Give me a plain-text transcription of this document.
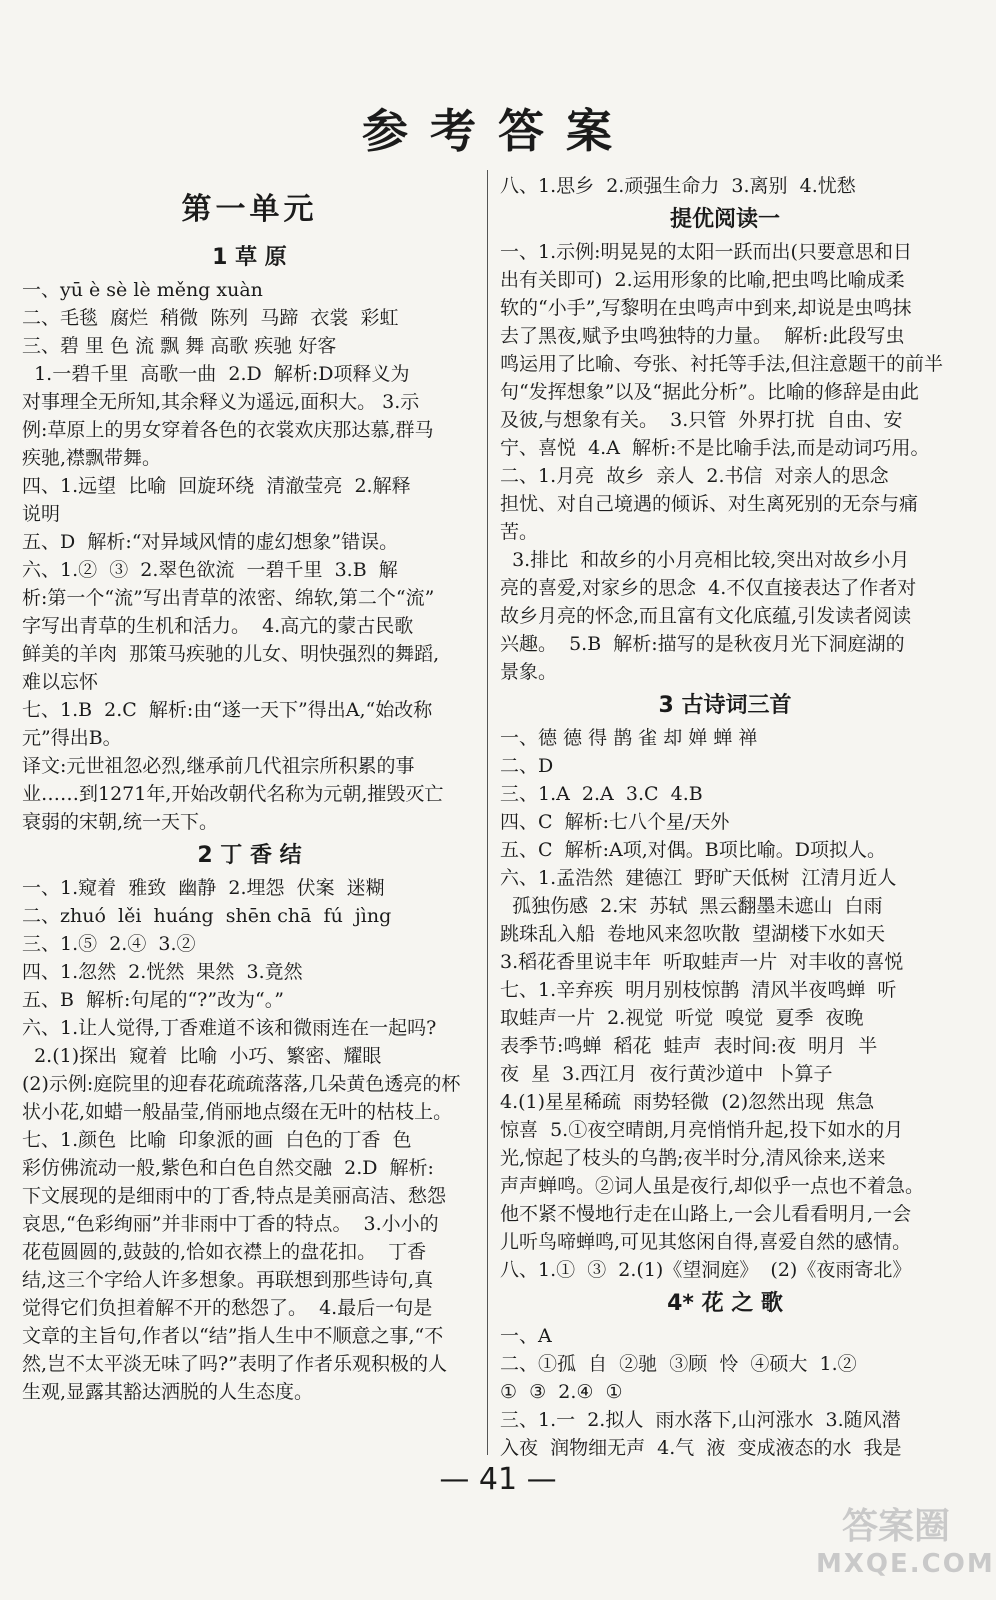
参考答案
第一单元
1 草 原

一、yū è sè lè měng xuàn

二、毛毯  腐烂  稍微  陈列  马蹄  衣裳  彩虹

三、碧 里 色 流 飘 舞 高歌 疾驰 好客

1.一碧千里  高歌一曲  2.D  解析:D项释义为

对事理全无所知,其余释义为遥远,面积大。 3.示

例:草原上的男女穿着各色的衣裳欢庆那达慕,群马

疾驰,襟飘带舞。

四、1.远望  比喻  回旋环绕  清澈莹亮  2.解释

说明

五、D  解析:“对异域风情的虚幻想象”错误。

六、1.②  ③  2.翠色欲流  一碧千里  3.B  解

析:第一个“流”写出青草的浓密、绵软,第二个“流”

字写出青草的生机和活力。  4.高亢的蒙古民歌

鲜美的羊肉  那策马疾驰的儿女、明快强烈的舞蹈,

难以忘怀

七、1.B  2.C  解析:由“遂一天下”得出A,“始改称

元”得出B。

译文:元世祖忽必烈,继承前几代祖宗所积累的事

业……到1271年,开始改朝代名称为元朝,摧毁灭亡

衰弱的宋朝,统一天下。

2 丁 香 结

一、1.窥着  雅致  幽静  2.埋怨  伏案  迷糊

二、zhuó  lěi  huáng  shēn chā  fú  jìng

三、1.⑤  2.④  3.②

四、1.忽然  2.恍然  果然  3.竟然

五、B  解析:句尾的“?”改为“。”

六、1.让人觉得,丁香难道不该和微雨连在一起吗?

2.(1)探出  窥着  比喻  小巧、繁密、耀眼

(2)示例:庭院里的迎春花疏疏落落,几朵黄色透亮的杯

状小花,如蜡一般晶莹,俏丽地点缀在无叶的枯枝上。

七、1.颜色  比喻  印象派的画  白色的丁香  色

彩仿佛流动一般,紫色和白色自然交融  2.D  解析:

下文展现的是细雨中的丁香,特点是美丽高洁、愁怨

哀思,“色彩绚丽”并非雨中丁香的特点。  3.小小的

花苞圆圆的,鼓鼓的,恰如衣襟上的盘花扣。  丁香

结,这三个字给人许多想象。再联想到那些诗句,真

觉得它们负担着解不开的愁怨了。  4.最后一句是

文章的主旨句,作者以“结”指人生中不顺意之事,“不

然,岂不太平淡无味了吗?”表明了作者乐观积极的人

生观,显露其豁达洒脱的人生态度。

八、1.思乡  2.顽强生命力  3.离别  4.忧愁

提优阅读一

一、1.示例:明晃晃的太阳一跃而出(只要意思和日

出有关即可)  2.运用形象的比喻,把虫鸣比喻成柔

软的“小手”,写黎明在虫鸣声中到来,却说是虫鸣抹

去了黑夜,赋予虫鸣独特的力量。  解析:此段写虫

鸣运用了比喻、夸张、衬托等手法,但注意题干的前半

句“发挥想象”以及“据此分析”。比喻的修辞是由此

及彼,与想象有关。  3.只管  外界打扰  自由、安

宁、喜悦  4.A  解析:不是比喻手法,而是动词巧用。

二、1.月亮  故乡  亲人  2.书信  对亲人的思念

担忧、对自己境遇的倾诉、对生离死别的无奈与痛苦。

3.排比  和故乡的小月亮相比较,突出对故乡小月

亮的喜爱,对家乡的思念  4.不仅直接表达了作者对

故乡月亮的怀念,而且富有文化底蕴,引发读者阅读

兴趣。  5.B  解析:描写的是秋夜月光下洞庭湖的

景象。

3 古诗词三首

一、德 德 得 鹊 雀 却 婵 蝉 禅

二、D

三、1.A  2.A  3.C  4.B

四、C  解析:七八个星/天外

五、C  解析:A项,对偶。B项比喻。D项拟人。

六、1.孟浩然  建德江  野旷天低树  江清月近人

孤独伤感  2.宋  苏轼  黑云翻墨未遮山  白雨

跳珠乱入船  卷地风来忽吹散  望湖楼下水如天

3.稻花香里说丰年  听取蛙声一片  对丰收的喜悦

七、1.辛弃疾  明月别枝惊鹊  清风半夜鸣蝉  听

取蛙声一片  2.视觉  听觉  嗅觉  夏季  夜晚

表季节:鸣蝉  稻花  蛙声  表时间:夜  明月  半

夜  星  3.西江月  夜行黄沙道中  卜算子

4.(1)星星稀疏  雨势轻微  (2)忽然出现  焦急

惊喜  5.①夜空晴朗,月亮悄悄升起,投下如水的月

光,惊起了枝头的乌鹊;夜半时分,清风徐来,送来

声声蝉鸣。②词人虽是夜行,却似乎一点也不着急。

他不紧不慢地行走在山路上,一会儿看看明月,一会

儿听鸟啼蝉鸣,可见其悠闲自得,喜爱自然的感情。

八、1.①  ③  2.(1)《望洞庭》  (2)《夜雨寄北》

4* 花 之 歌

一、A

二、①孤  自  ②驰  ③顾  怜  ④硕大  1.②

①  ③  2.④  ①

三、1.一  2.拟人  雨水落下,山河涨水  3.随风潜

入夜  润物细无声  4.气  液  变成液态的水  我是

— 41 —
答案圈
MXQE.COM
